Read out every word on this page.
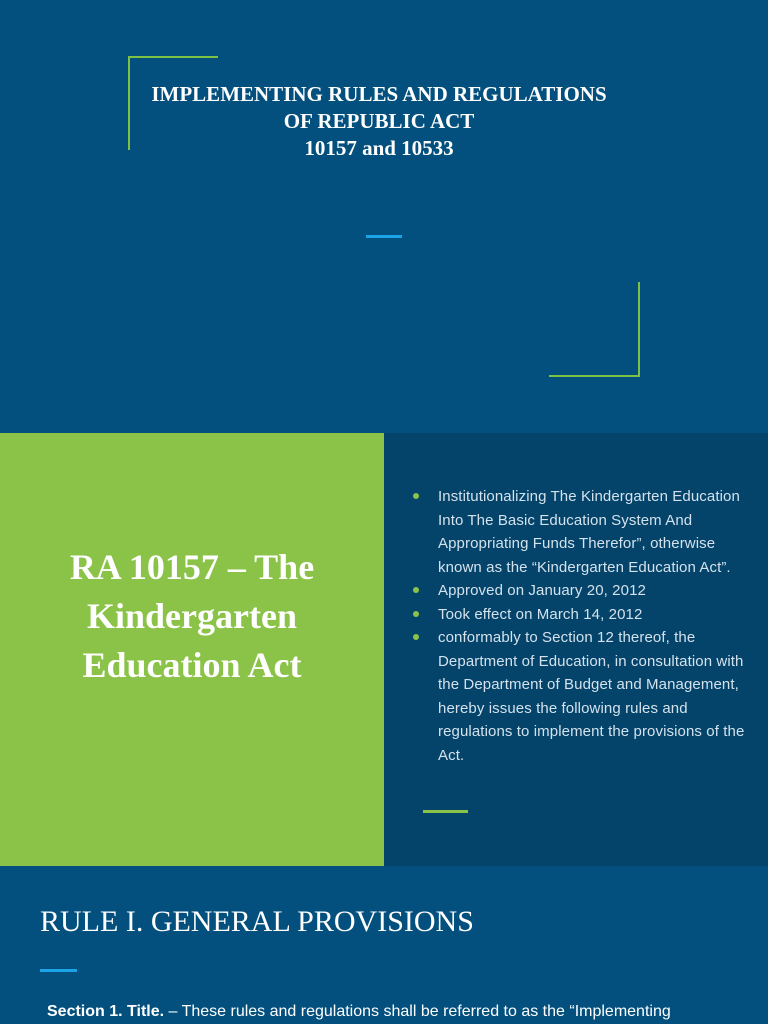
IMPLEMENTING RULES AND REGULATIONS
OF REPUBLIC ACT
10157 and 10533
RA 10157 – The
Kindergarten
Education Act
Institutionalizing The Kindergarten Education Into The Basic Education System And Appropriating Funds Therefor”, otherwise known as the “Kindergarten Education Act”.
Approved on January 20, 2012
Took effect on March 14, 2012
conformably to Section 12 thereof, the Department of Education, in consultation with the Department of Budget and Management, hereby issues the following rules and regulations to implement the provisions of the Act.
RULE I. GENERAL PROVISIONS
Section 1. Title. – These rules and regulations shall be referred to as the “Implementing
